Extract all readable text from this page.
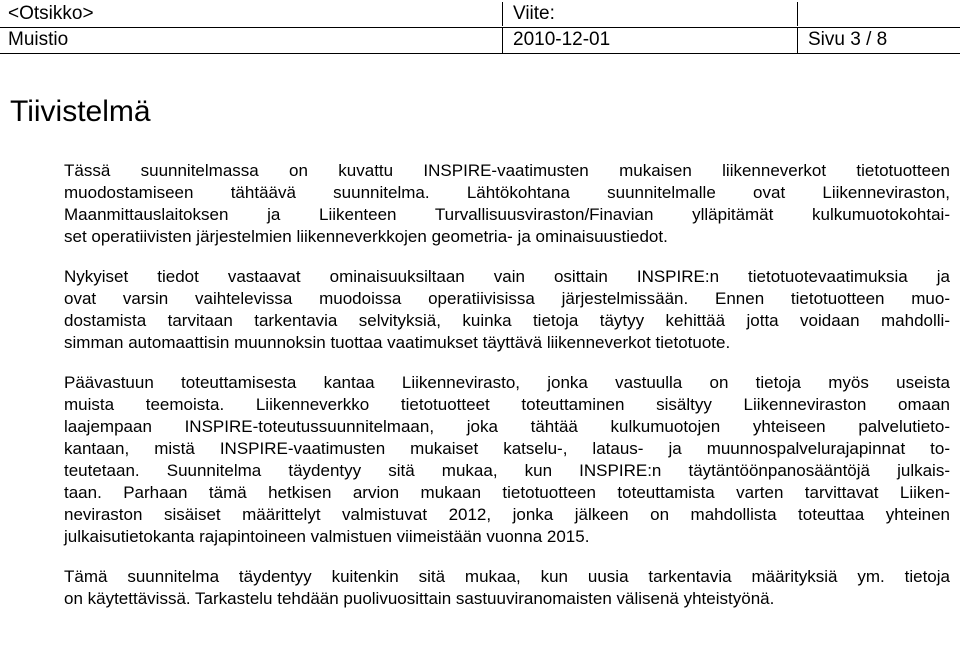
<Otsikko>	Viite:
Muistio	2010-12-01	Sivu 3 / 8
Tiivistelmä

Tässä suunnitelmassa on kuvattu INSPIRE-vaatimusten mukaisen liikenneverkot tietotuotteen
muodostamiseen tähtäävä suunnitelma. Lähtökohtana suunnitelmalle ovat Liikenneviraston,
Maanmittauslaitoksen ja Liikenteen Turvallisuusviraston/Finavian ylläpitämät kulkumuotokohtai-
set operatiivisten järjestelmien liikenneverkkojen geometria- ja ominaisuustiedot.

Nykyiset tiedot vastaavat ominaisuuksiltaan vain osittain INSPIRE:n tietotuotevaatimuksia ja
ovat varsin vaihtelevissa muodoissa operatiivisissa järjestelmissään. Ennen tietotuotteen muo-
dostamista tarvitaan tarkentavia selvityksiä, kuinka tietoja täytyy kehittää jotta voidaan mahdolli-
simman automaattisin muunnoksin tuottaa vaatimukset täyttävä liikenneverkot tietotuote.

Päävastuun toteuttamisesta kantaa Liikennevirasto, jonka vastuulla on tietoja myös useista
muista teemoista. Liikenneverkko tietotuotteet toteuttaminen sisältyy Liikenneviraston omaan
laajempaan INSPIRE-toteutussuunnitelmaan, joka tähtää kulkumuotojen yhteiseen palvelutieto-
kantaan, mistä INSPIRE-vaatimusten mukaiset katselu-, lataus- ja muunnospalvelurajapinnat to-
teutetaan. Suunnitelma täydentyy sitä mukaa, kun INSPIRE:n täytäntöönpanosääntöjä julkais-
taan. Parhaan tämä hetkisen arvion mukaan tietotuotteen toteuttamista varten tarvittavat Liiken-
neviraston sisäiset määrittelyt valmistuvat 2012, jonka jälkeen on mahdollista toteuttaa yhteinen
julkaisutietokanta rajapintoineen valmistuen viimeistään vuonna 2015.

Tämä suunnitelma täydentyy kuitenkin sitä mukaa, kun uusia tarkentavia määrityksiä ym. tietoja
on käytettävissä. Tarkastelu tehdään puolivuosittain sastuuviranomaisten välisenä yhteistyönä.
